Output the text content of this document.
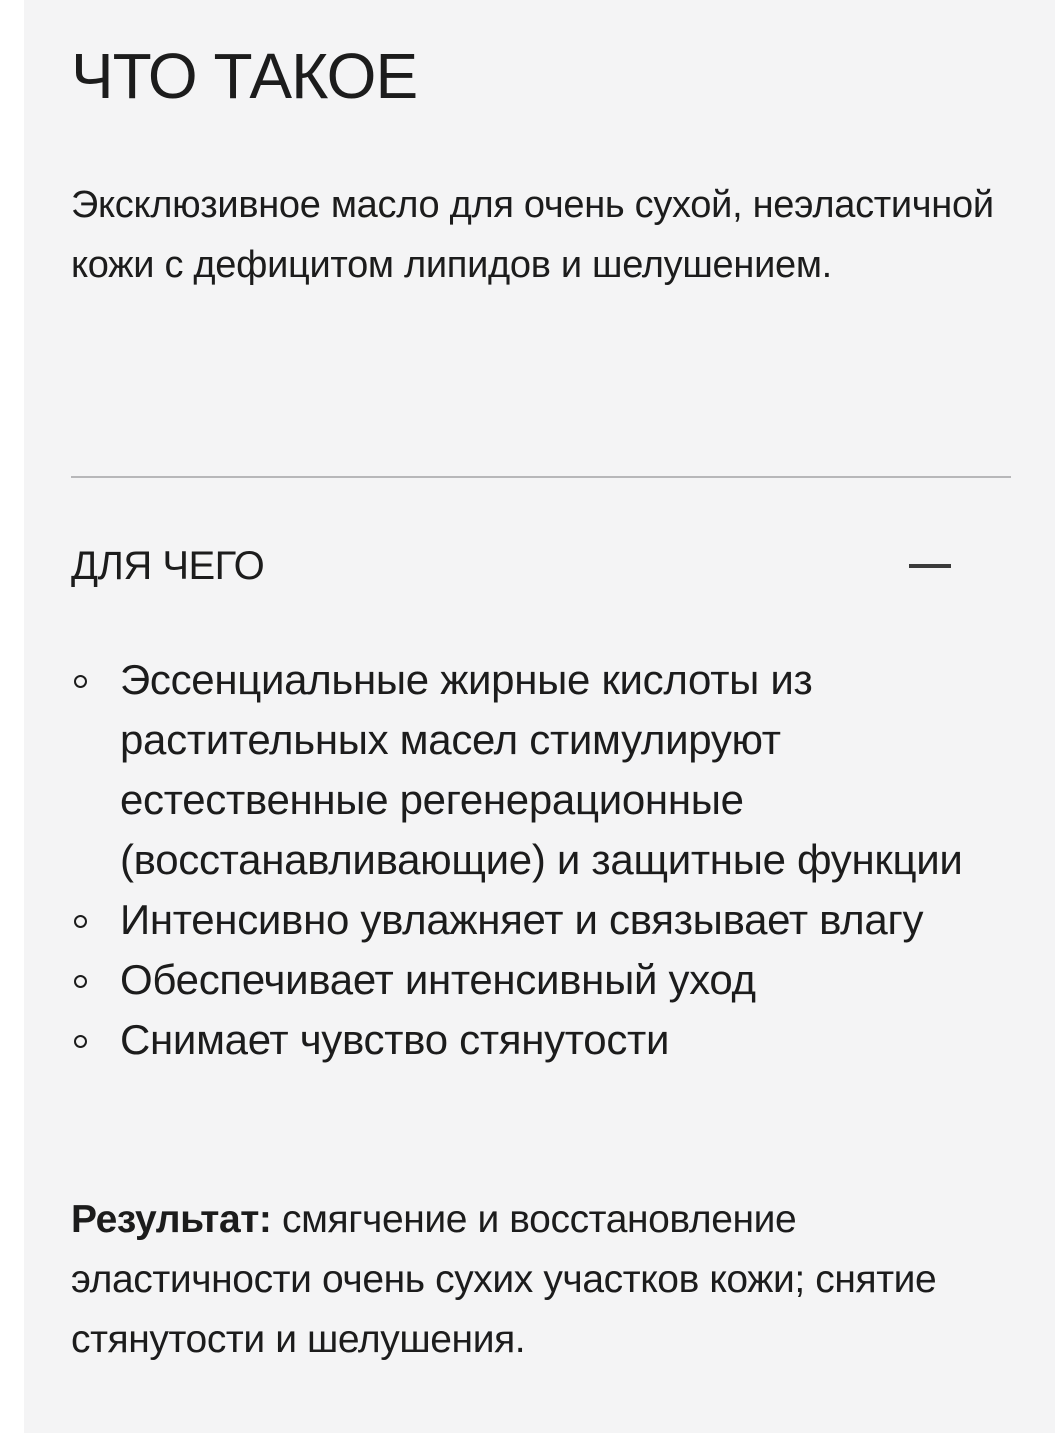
ЧТО ТАКОЕ

Эксклюзивное масло для очень сухой, неэластичной кожи с дефицитом липидов и шелушением.

ДЛЯ ЧЕГО
Эссенциальные жирные кислоты из растительных масел стимулируют естественные регенерационные (восстанавливающие) и защитные функции
Интенсивно увлажняет и связывает влагу
Обеспечивает интенсивный уход
Снимает чувство стянутости

Результат: смягчение и восстановление эластичности очень сухих участков кожи; снятие стянутости и шелушения.
